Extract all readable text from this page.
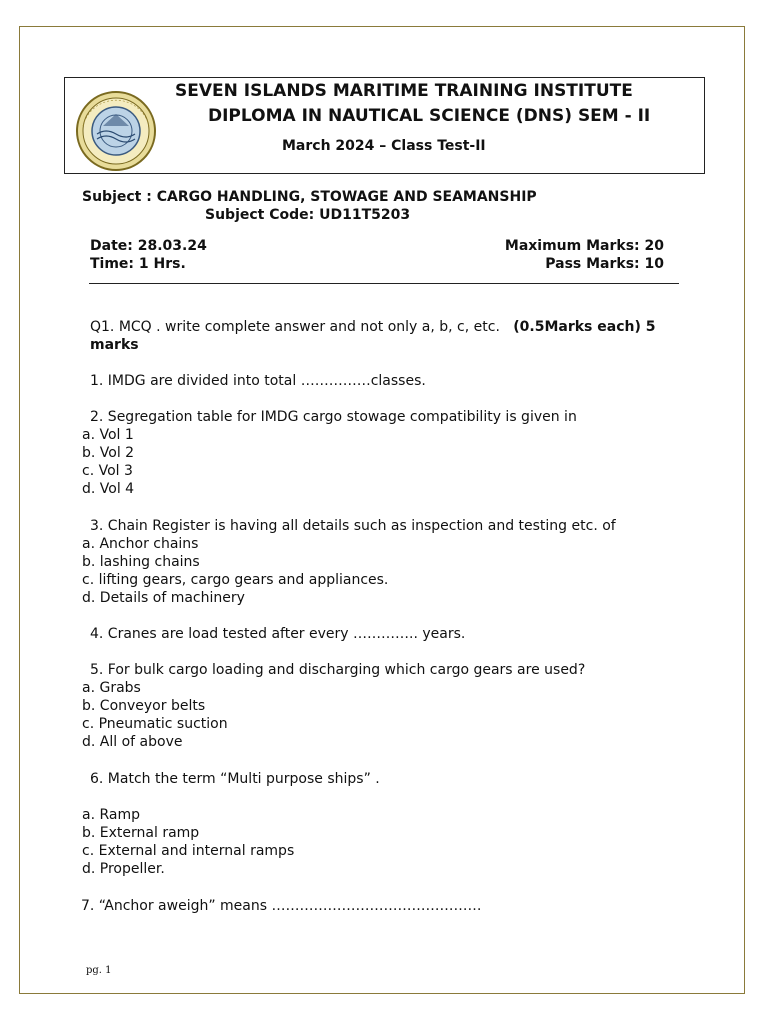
SEVEN ISLANDS MARITIME TRAINING INSTITUTE
DIPLOMA IN NAUTICAL SCIENCE (DNS) SEM - II
March 2024 – Class Test-II
Subject : CARGO HANDLING, STOWAGE AND SEAMANSHIP
Subject Code: UD11T5203
Date: 28.03.24
Time: 1 Hrs.
Maximum Marks: 20
Pass Marks: 10
Q1. MCQ . write complete answer and not only a, b, c, etc. (0.5Marks each) 5 marks
1. IMDG are divided into total ……………classes.
2. Segregation table for IMDG cargo stowage compatibility is given in
a. Vol 1
b. Vol 2
c. Vol 3
d. Vol 4
3. Chain Register is having all details such as inspection and testing etc. of
a. Anchor chains
b. lashing chains
c. lifting gears, cargo gears and appliances.
d. Details of machinery
4. Cranes are load tested after every ………….. years.
5. For bulk cargo loading and discharging which cargo gears are used?
a. Grabs
b. Conveyor belts
c. Pneumatic suction
d. All of above
6. Match the term “Multi purpose ships” .
a. Ramp
b. External ramp
c. External and internal ramps
d. Propeller.
7. “Anchor aweigh” means ………………………………………
pg. 1
